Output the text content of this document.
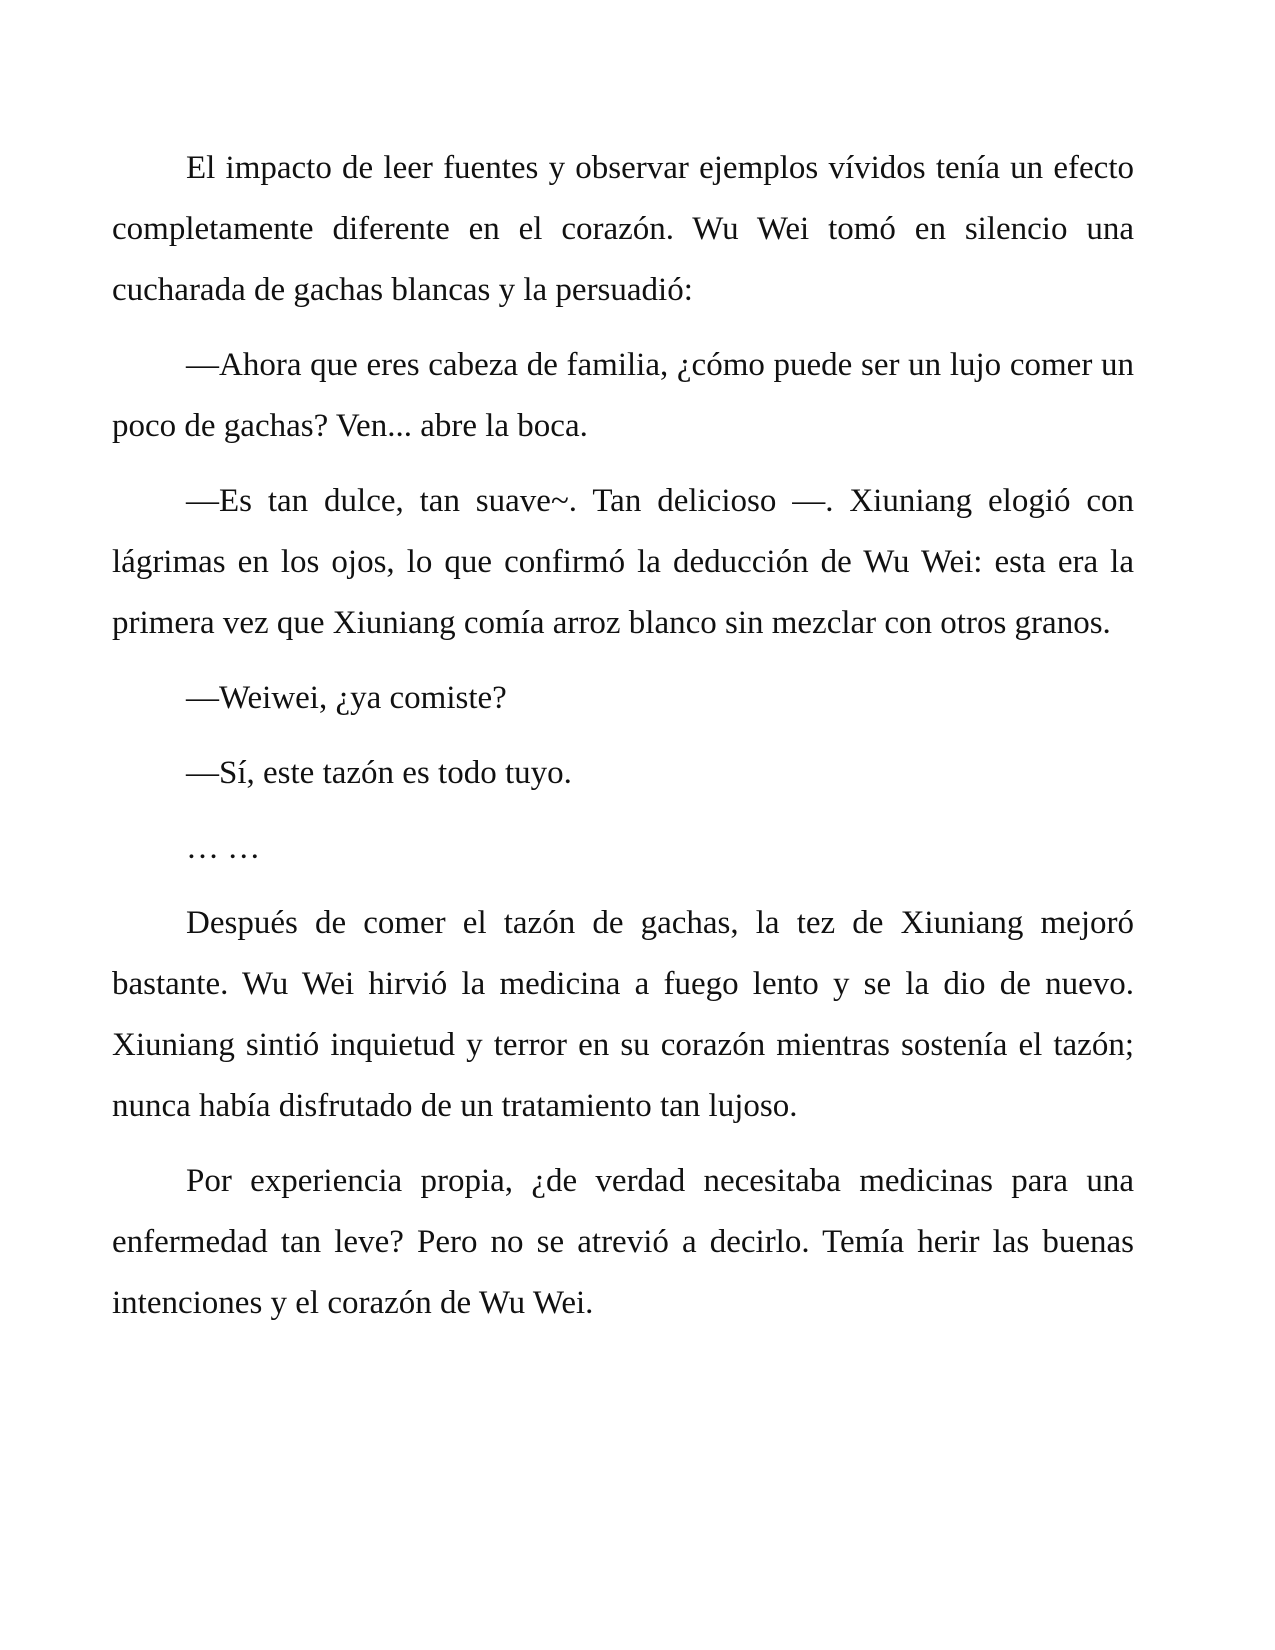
El impacto de leer fuentes y observar ejemplos vívidos tenía un efecto completamente diferente en el corazón. Wu Wei tomó en silencio una cucharada de gachas blancas y la persuadió:

—Ahora que eres cabeza de familia, ¿cómo puede ser un lujo comer un poco de gachas? Ven... abre la boca.

—Es tan dulce, tan suave~. Tan delicioso —. Xiuniang elogió con lágrimas en los ojos, lo que confirmó la deducción de Wu Wei: esta era la primera vez que Xiuniang comía arroz blanco sin mezclar con otros granos.

—Weiwei, ¿ya comiste?

—Sí, este tazón es todo tuyo.

… …

Después de comer el tazón de gachas, la tez de Xiuniang mejoró bastante. Wu Wei hirvió la medicina a fuego lento y se la dio de nuevo. Xiuniang sintió inquietud y terror en su corazón mientras sostenía el tazón; nunca había disfrutado de un tratamiento tan lujoso.

Por experiencia propia, ¿de verdad necesitaba medicinas para una enfermedad tan leve? Pero no se atrevió a decirlo. Temía herir las buenas intenciones y el corazón de Wu Wei.
